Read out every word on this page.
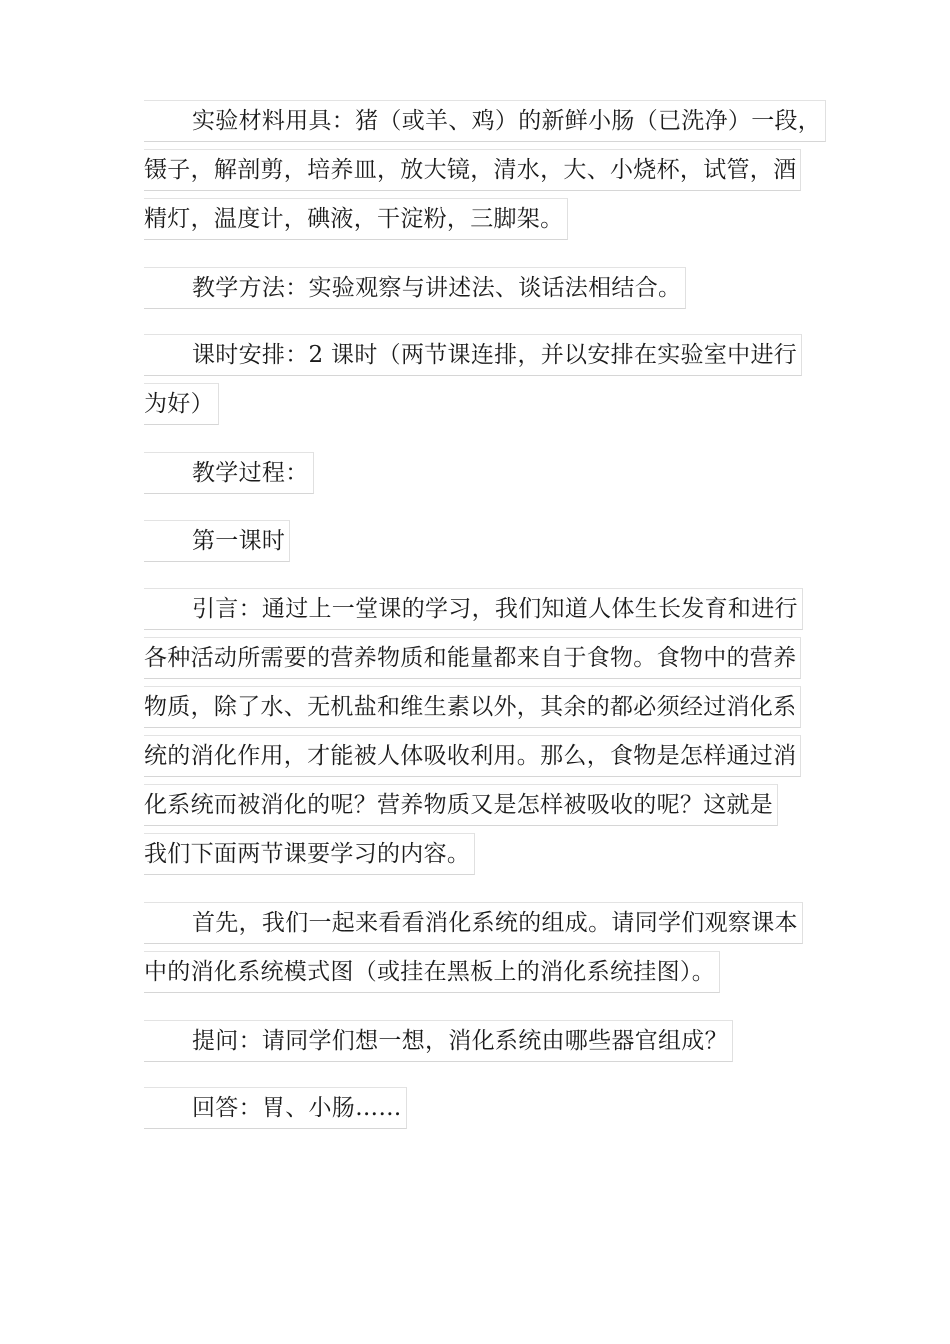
实验材料用具：猪（或羊、鸡）的新鲜小肠（已洗净）一段，
镊子，解剖剪，培养皿，放大镜，清水，大、小烧杯，试管，酒
精灯，温度计，碘液，干淀粉，三脚架。
教学方法：实验观察与讲述法、谈话法相结合。
课时安排：2 课时（两节课连排，并以安排在实验室中进行
为好）
教学过程：
第一课时
引言：通过上一堂课的学习，我们知道人体生长发育和进行
各种活动所需要的营养物质和能量都来自于食物。食物中的营养
物质，除了水、无机盐和维生素以外，其余的都必须经过消化系
统的消化作用，才能被人体吸收利用。那么，食物是怎样通过消
化系统而被消化的呢？营养物质又是怎样被吸收的呢？这就是
我们下面两节课要学习的内容。
首先，我们一起来看看消化系统的组成。请同学们观察课本
中的消化系统模式图（或挂在黑板上的消化系统挂图）。
提问：请同学们想一想，消化系统由哪些器官组成？
回答：胃、小肠……
